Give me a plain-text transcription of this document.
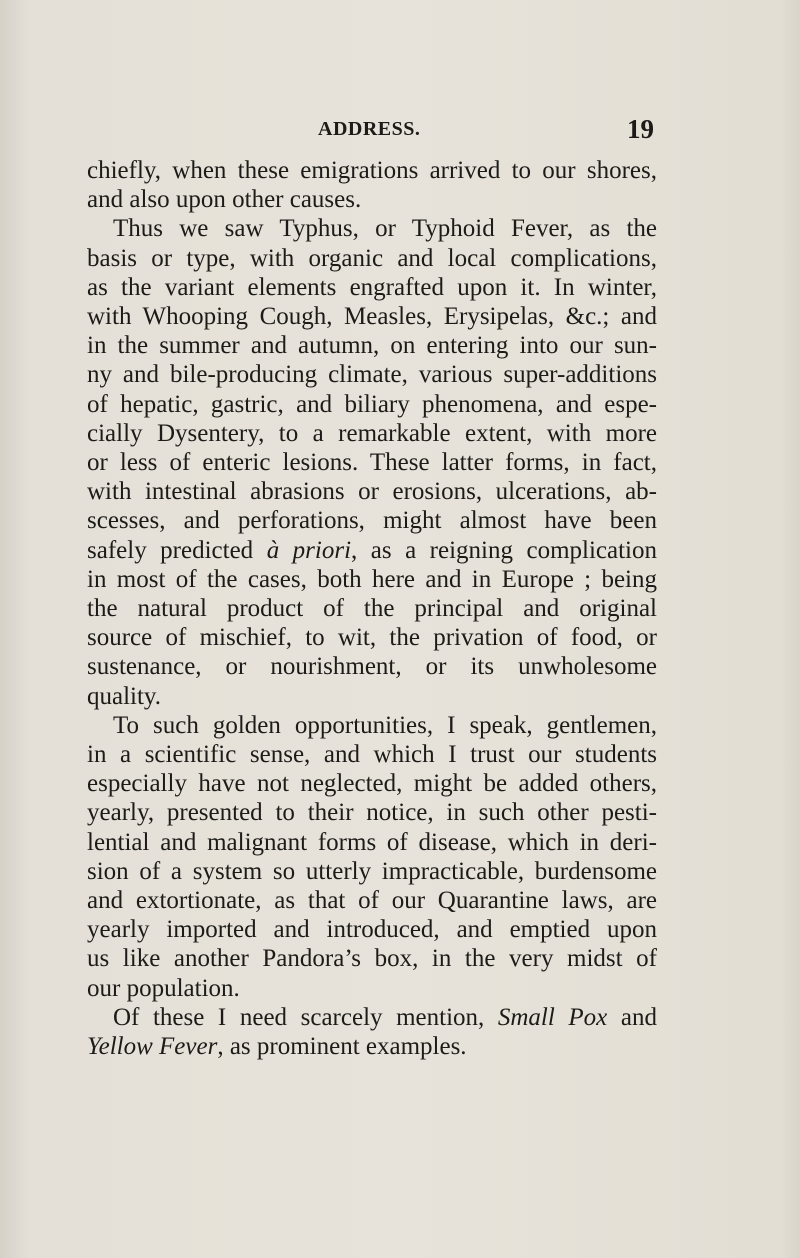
ADDRESS.	19
chiefly, when these emigrations arrived to our shores,
and also upon other causes.
Thus we saw Typhus, or Typhoid Fever, as the
basis or type, with organic and local complications,
as the variant elements engrafted upon it. In winter,
with Whooping Cough, Measles, Erysipelas, &c.; and
in the summer and autumn, on entering into our sun-
ny and bile-producing climate, various super-additions
of hepatic, gastric, and biliary phenomena, and espe-
cially Dysentery, to a remarkable extent, with more
or less of enteric lesions. These latter forms, in fact,
with intestinal abrasions or erosions, ulcerations, ab-
scesses, and perforations, might almost have been
safely predicted à priori, as a reigning complication
in most of the cases, both here and in Europe ; being
the natural product of the principal and original
source of mischief, to wit, the privation of food, or
sustenance, or nourishment, or its unwholesome
quality.
To such golden opportunities, I speak, gentlemen,
in a scientific sense, and which I trust our students
especially have not neglected, might be added others,
yearly, presented to their notice, in such other pesti-
lential and malignant forms of disease, which in deri-
sion of a system so utterly impracticable, burdensome
and extortionate, as that of our Quarantine laws, are
yearly imported and introduced, and emptied upon
us like another Pandora’s box, in the very midst of
our population.
Of these I need scarcely mention, Small Pox and
Yellow Fever, as prominent examples.
